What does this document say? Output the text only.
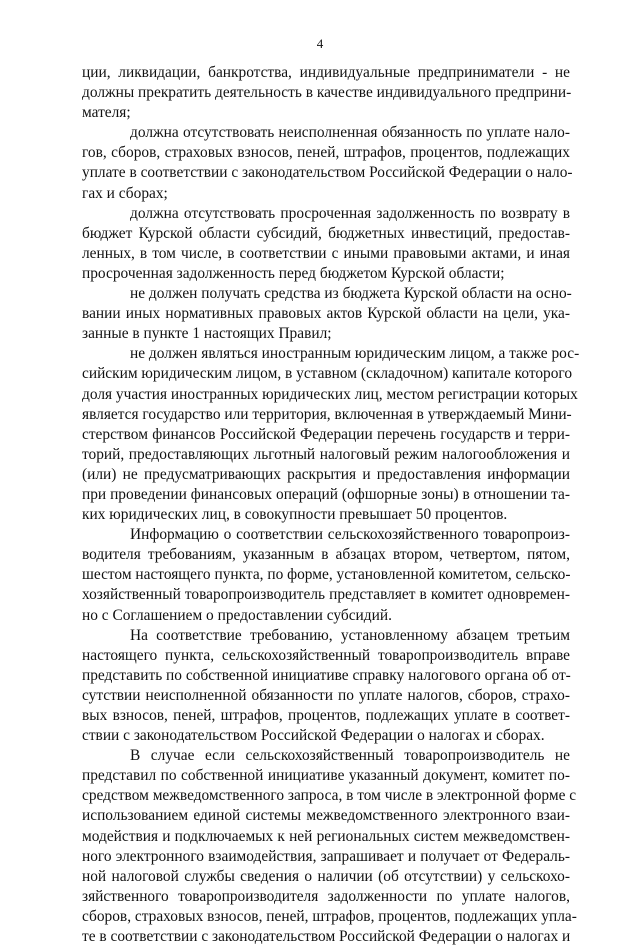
4
ции, ликвидации, банкротства, индивидуальные предприниматели - не
должны прекратить деятельность в качестве индивидуального предприни-
мателя;
должна отсутствовать неисполненная обязанность по уплате нало-
гов, сборов, страховых взносов, пеней, штрафов, процентов, подлежащих
уплате в соответствии с законодательством Российской Федерации о нало-
гах и сборах;
должна отсутствовать просроченная задолженность по возврату в
бюджет Курской области субсидий, бюджетных инвестиций, предостав-
ленных, в том числе, в соответствии с иными правовыми актами, и иная
просроченная задолженность перед бюджетом Курской области;
не должен получать средства из бюджета Курской области на осно-
вании иных нормативных правовых актов Курской области на цели, ука-
занные в пункте 1 настоящих Правил;
не должен являться иностранным юридическим лицом, а также рос-
сийским юридическим лицом, в уставном (складочном) капитале которого
доля участия иностранных юридических лиц, местом регистрации которых
является государство или территория, включенная в утверждаемый Мини-
стерством финансов Российской Федерации перечень государств и терри-
торий, предоставляющих льготный налоговый режим налогообложения и
(или) не предусматривающих раскрытия и предоставления информации
при проведении финансовых операций (офшорные зоны) в отношении та-
ких юридических лиц, в совокупности превышает 50 процентов.
Информацию о соответствии сельскохозяйственного товаропроиз-
водителя требованиям, указанным в абзацах втором, четвертом, пятом,
шестом настоящего пункта, по форме, установленной комитетом, сельско-
хозяйственный товаропроизводитель представляет в комитет одновремен-
но с Соглашением о предоставлении субсидий.
На соответствие требованию, установленному абзацем третьим
настоящего пункта, сельскохозяйственный товаропроизводитель вправе
представить по собственной инициативе справку налогового органа об от-
сутствии неисполненной обязанности по уплате налогов, сборов, страхо-
вых взносов, пеней, штрафов, процентов, подлежащих уплате в соответ-
ствии с законодательством Российской Федерации о налогах и сборах.
В случае если сельскохозяйственный товаропроизводитель не
представил по собственной инициативе указанный документ, комитет по-
средством межведомственного запроса, в том числе в электронной форме с
использованием единой системы межведомственного электронного взаи-
модействия и подключаемых к ней региональных систем межведомствен-
ного электронного взаимодействия, запрашивает и получает от Федераль-
ной налоговой службы сведения о наличии (об отсутствии) у сельскохо-
зяйственного товаропроизводителя задолженности по уплате налогов,
сборов, страховых взносов, пеней, штрафов, процентов, подлежащих упла-
те в соответствии с законодательством Российской Федерации о налогах и
